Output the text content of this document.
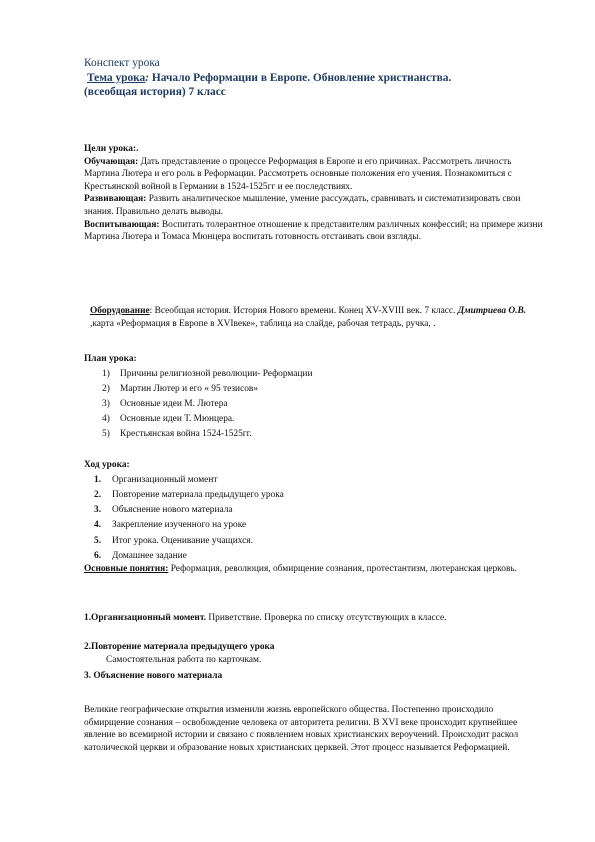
Конспект урока
Тема урока: Начало Реформации в Европе. Обновление христианства.
(всеобщая история) 7 класс
Цели урока:.
Обучающая: Дать представление о процессе Реформация в Европе и его причинах. Рассмотреть личность Мартина Лютера и его роль в Реформации. Рассмотреть основные положения его учения. Познакомиться с Крестьянской войной в Германии в 1524-1525гг и ее последствиях.
Развивающая: Развить аналитическое мышление, умение рассуждать, сравнивать и систематизировать свои знания. Правильно делать выводы.
Воспитывающая: Воспитать толерантное отношение к представителям различных конфессий; на примере жизни Мартина Лютера и Томаса Мюнцера воспитать готовность отстаивать свои взгляды.
Оборудование: Всеобщая история. История Нового времени. Конец XV-XVIII век. 7 класс. Дмитриева О.В. ,карта «Реформация в Европе в XVIвеке», таблица на слайде, рабочая тетрадь, ручка, .
План урока:
1) Причины религиозной революции- Реформации
2) Мартин Лютер и его « 95 тезисов»
3) Основные идеи М. Лютера
4) Основные идеи Т. Мюнцера.
5) Крестьянская война 1524-1525гг.
Ход урока:
1. Организационный момент
2. Повторение материала предыдущего урока
3. Объяснение нового материала
4. Закрепление изученного на уроке
5. Итог урока. Оценивание учащихся.
6. Домашнее задание
Основные понятия: Реформация, революция, обмирщение сознания, протестантизм, лютеранская церковь.
1.Организационный момент. Приветствие. Проверка по списку отсутствующих в классе.
2.Повторение материала предыдущего урока
Самостоятельная работа по карточкам.
3. Объяснение нового материала
Великие географические открытия изменили жизнь европейского общества. Постепенно происходило обмирщение сознания – освобождение человека от авторитета религии. В XVI веке происходит крупнейшее явление во всемирной истории и связано с появлением новых христианских вероучений. Происходит раскол католической церкви и образование новых христианских церквей. Этот процесс называется Реформацией.
